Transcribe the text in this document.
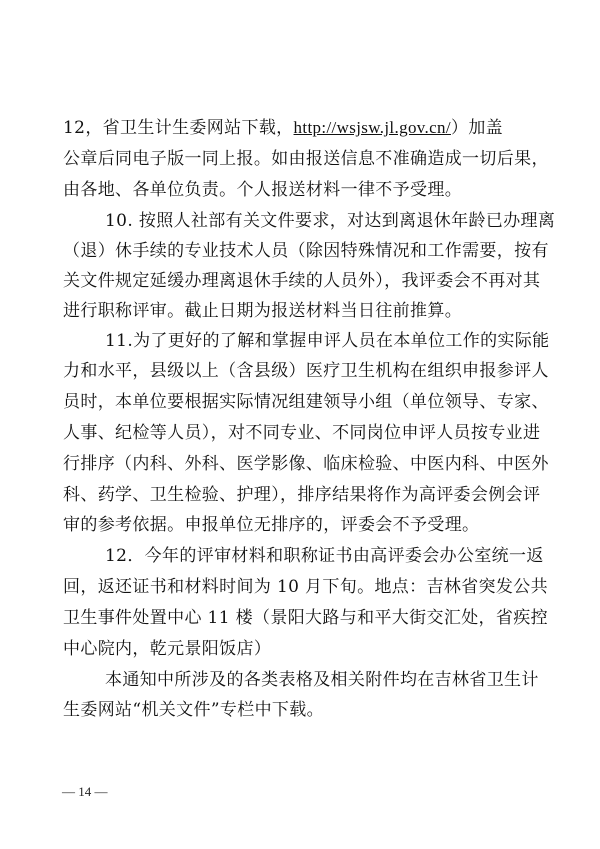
12，省卫生计生委网站下载，http://wsjsw.jl.gov.cn/）加盖
公章后同电子版一同上报。如由报送信息不准确造成一切后果，
由各地、各单位负责。个人报送材料一律不予受理。
10. 按照人社部有关文件要求，对达到离退休年龄已办理离
（退）休手续的专业技术人员（除因特殊情况和工作需要，按有
关文件规定延缓办理离退休手续的人员外），我评委会不再对其
进行职称评审。截止日期为报送材料当日往前推算。
11.为了更好的了解和掌握申评人员在本单位工作的实际能
力和水平，县级以上（含县级）医疗卫生机构在组织申报参评人
员时，本单位要根据实际情况组建领导小组（单位领导、专家、
人事、纪检等人员），对不同专业、不同岗位申评人员按专业进
行排序（内科、外科、医学影像、临床检验、中医内科、中医外
科、药学、卫生检验、护理），排序结果将作为高评委会例会评
审的参考依据。申报单位无排序的，评委会不予受理。
12．今年的评审材料和职称证书由高评委会办公室统一返
回，返还证书和材料时间为 10 月下旬。地点：吉林省突发公共
卫生事件处置中心 11 楼（景阳大路与和平大街交汇处，省疾控
中心院内，乾元景阳饭店）
本通知中所涉及的各类表格及相关附件均在吉林省卫生计
生委网站“机关文件”专栏中下载。
— 14 —
